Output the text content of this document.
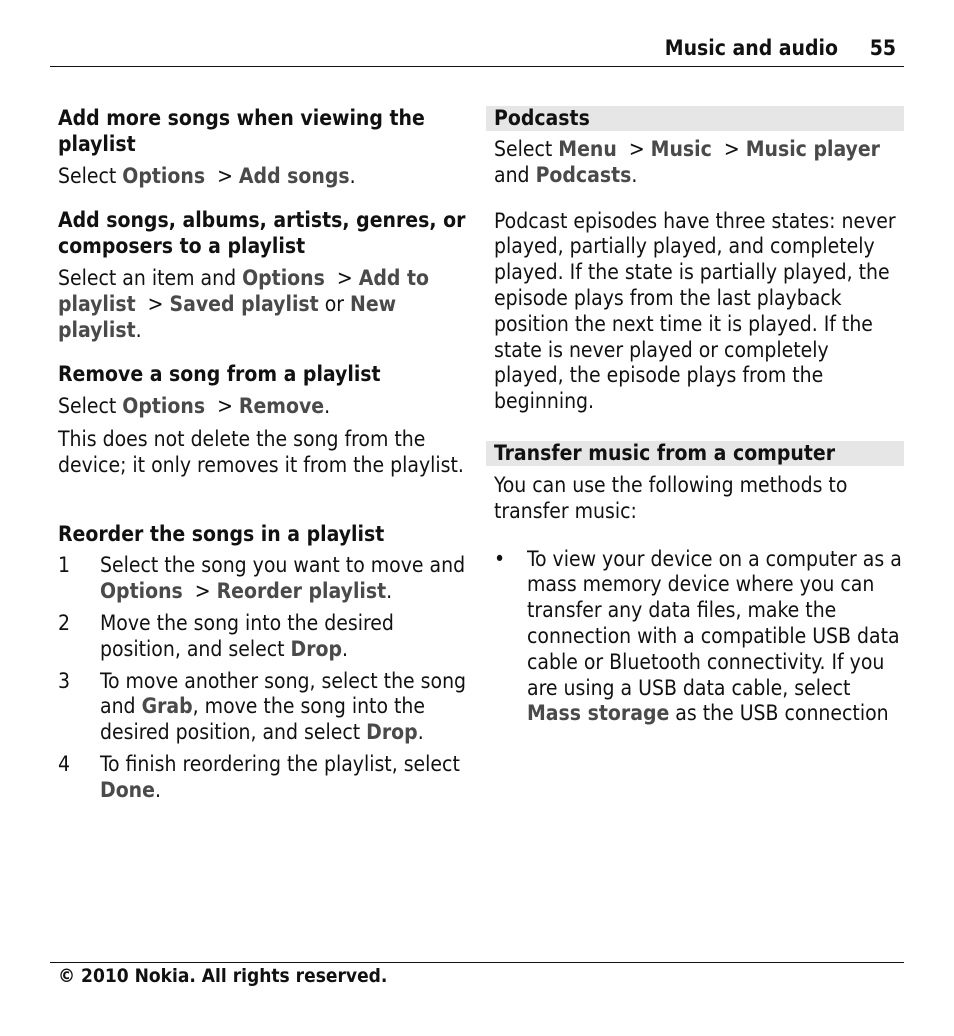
Music and audio 55
Add more songs when viewing the playlist

Select Options > Add songs.

Add songs, albums, artists, genres, or composers to a playlist

Select an item and Options > Add to playlist > Saved playlist or New playlist.

Remove a song from a playlist

Select Options > Remove.

This does not delete the song from the device; it only removes it from the playlist.

Reorder the songs in a playlist
1 Select the song you want to move and Options > Reorder playlist.
2 Move the song into the desired position, and select Drop.
3 To move another song, select the song and Grab, move the song into the desired position, and select Drop.
4 To finish reordering the playlist, select Done.
Podcasts

Select Menu > Music > Music player
and Podcasts.

Podcast episodes have three states: never played, partially played, and completely played. If the state is partially played, the episode plays from the last playback position the next time it is played. If the state is never played or completely played, the episode plays from the beginning.

Transfer music from a computer

You can use the following methods to transfer music:

• To view your device on a computer as a mass memory device where you can transfer any data files, make the connection with a compatible USB data cable or Bluetooth connectivity. If you are using a USB data cable, select Mass storage as the USB connection
© 2010 Nokia. All rights reserved.
